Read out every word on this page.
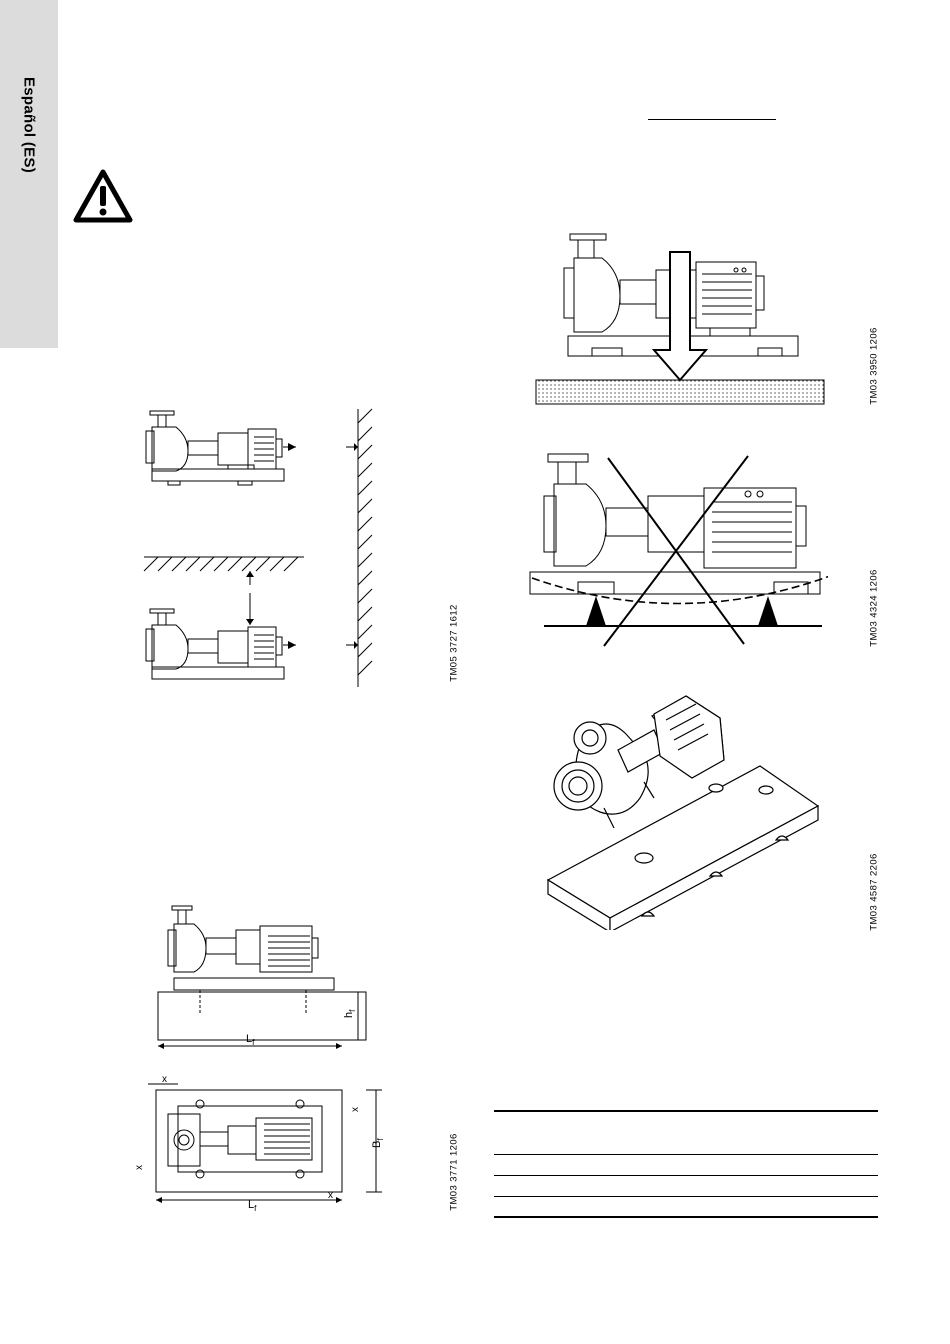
Español (ES)
TM05 3727 1612
$L_f$
$h_f$
$L_f$
$B_f$
x
x
x
x	TM03 3771 1206
TM03 3950 1206
TM03 4324 1206
TM03 4587 2206
